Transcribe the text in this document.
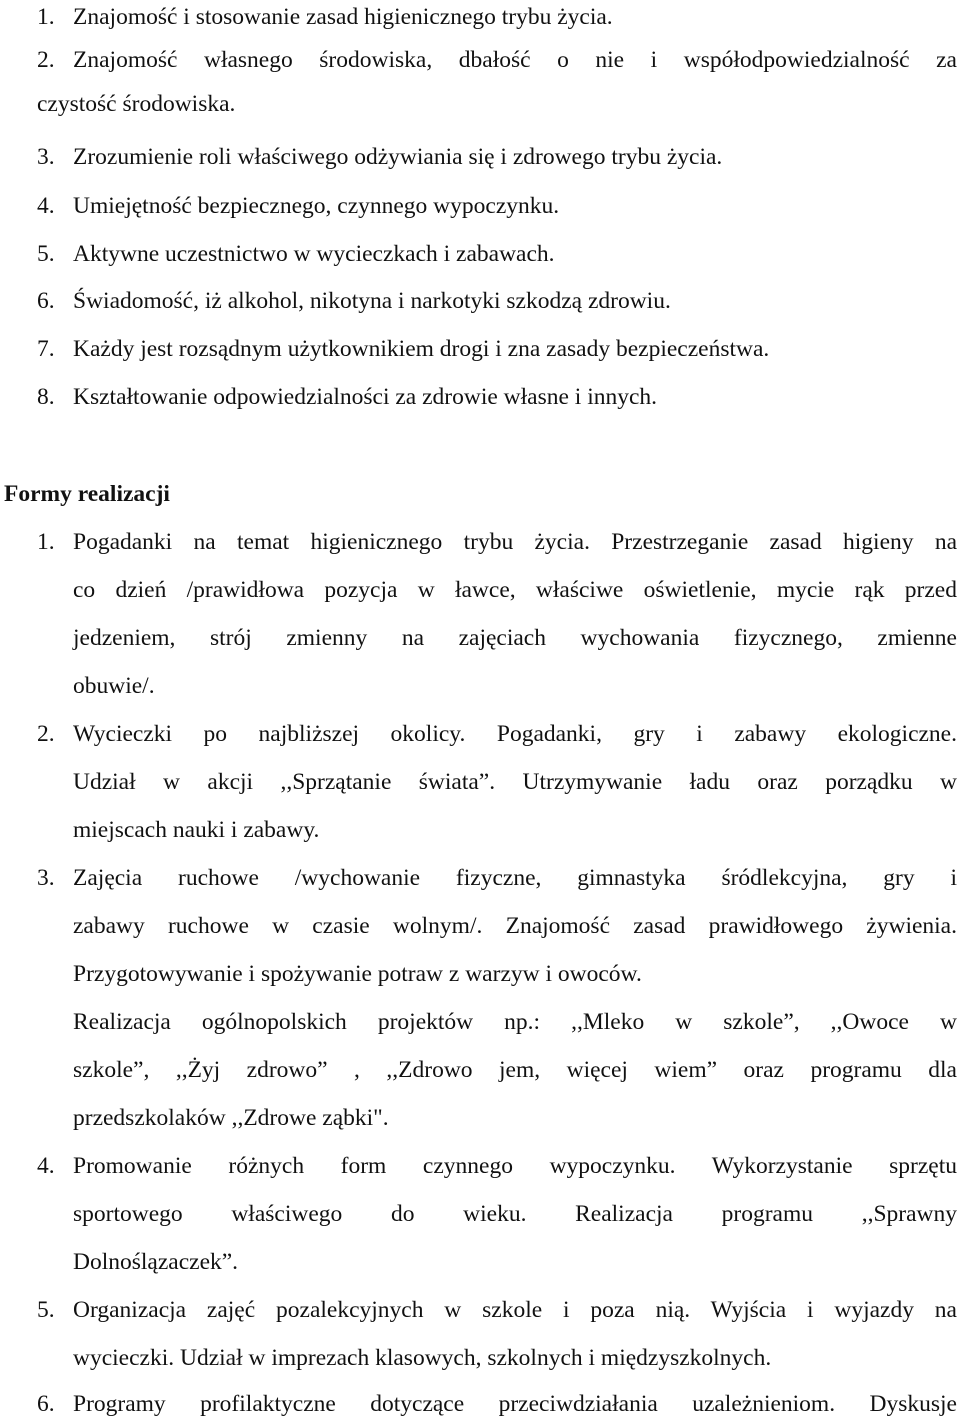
1. Znajomość i stosowanie zasad higienicznego trybu życia.
2. Znajomość własnego środowiska, dbałość o nie i współodpowiedzialność za
czystość środowiska.
3. Zrozumienie roli właściwego odżywiania się i zdrowego trybu życia.
4. Umiejętność bezpiecznego, czynnego wypoczynku.
5. Aktywne uczestnictwo w wycieczkach i zabawach.
6. Świadomość, iż alkohol, nikotyna i narkotyki szkodzą zdrowiu.
7. Każdy jest rozsądnym użytkownikiem drogi i zna zasady bezpieczeństwa.
8. Kształtowanie odpowiedzialności za zdrowie własne i innych.
Formy realizacji
1. Pogadanki na temat higienicznego trybu życia. Przestrzeganie zasad higieny na
co dzień /prawidłowa pozycja w ławce, właściwe oświetlenie, mycie rąk przed
jedzeniem, strój zmienny na zajęciach wychowania fizycznego, zmienne
obuwie/.
2. Wycieczki po najbliższej okolicy. Pogadanki, gry i zabawy ekologiczne.
Udział w akcji ,,Sprzątanie świata”. Utrzymywanie ładu oraz porządku w
miejscach nauki i zabawy.
3. Zajęcia ruchowe /wychowanie fizyczne, gimnastyka śródlekcyjna, gry i
zabawy ruchowe w czasie wolnym/. Znajomość zasad prawidłowego żywienia.
Przygotowywanie i spożywanie potraw z warzyw i owoców.
Realizacja ogólnopolskich projektów np.: ,,Mleko w szkole”, ,,Owoce w
szkole”, ,,Żyj zdrowo” , ,,Zdrowo jem, więcej wiem” oraz programu dla
przedszkolaków ,,Zdrowe ząbki".
4. Promowanie różnych form czynnego wypoczynku. Wykorzystanie sprzętu
sportowego właściwego do wieku. Realizacja programu ,,Sprawny
Dolnoślązaczek”.
5. Organizacja zajęć pozalekcyjnych w szkole i poza nią. Wyjścia i wyjazdy na
wycieczki. Udział w imprezach klasowych, szkolnych i międzyszkolnych.
6. Programy profilaktyczne dotyczące przeciwdziałania uzależnieniom. Dyskusje
